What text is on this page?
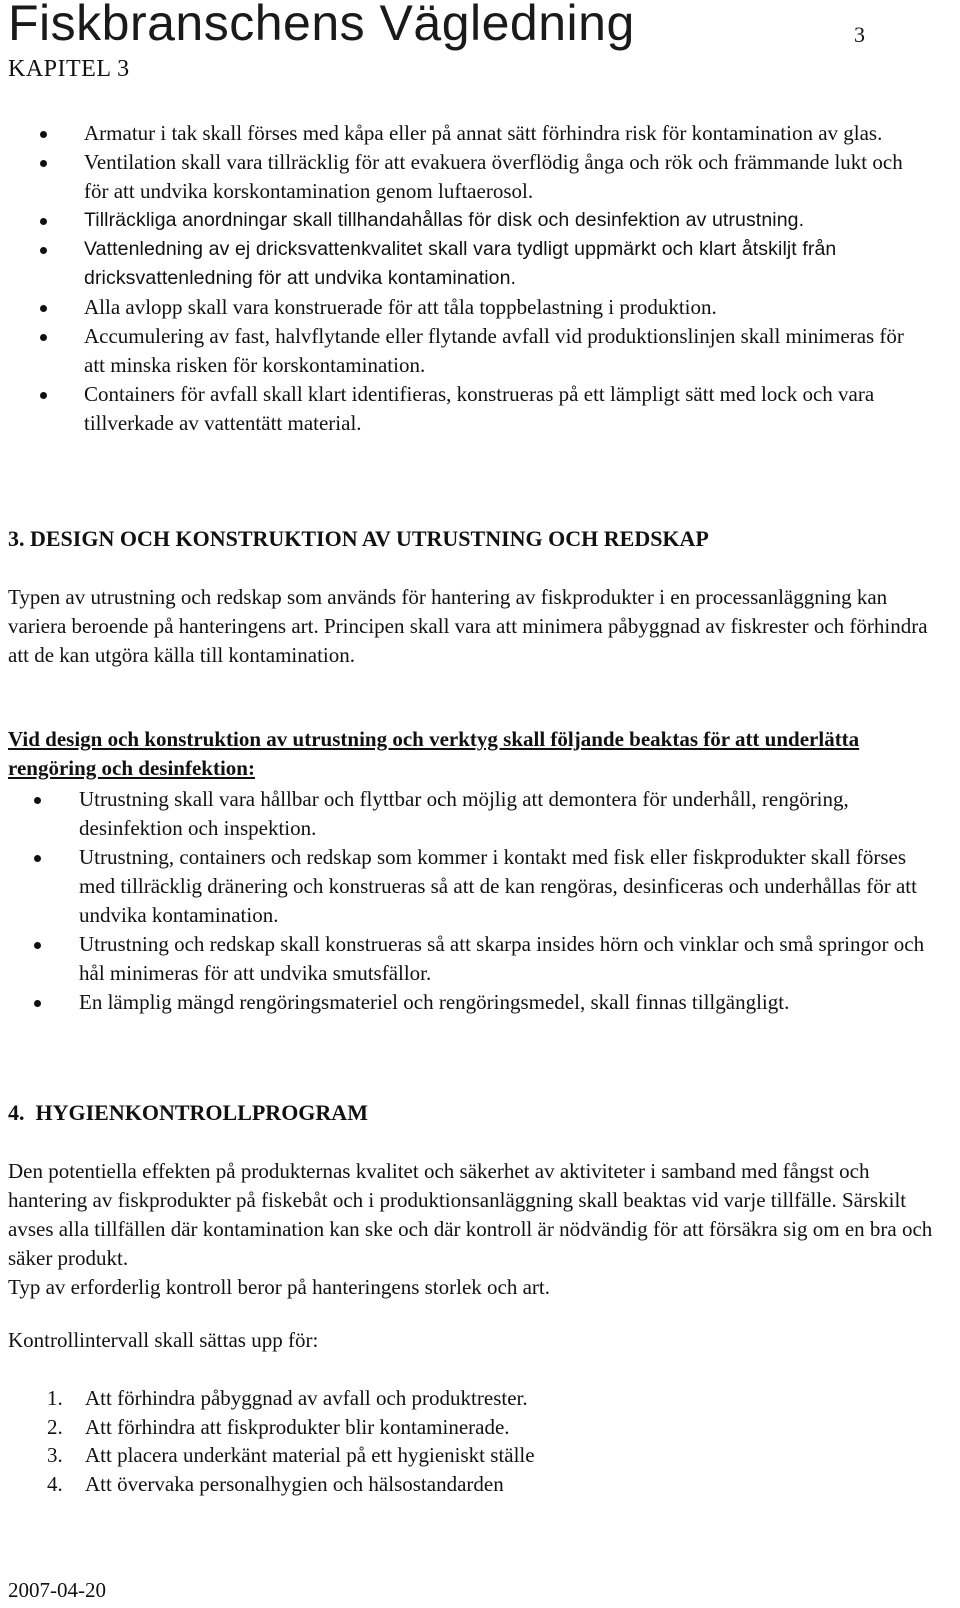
Fiskbranschens Vägledning	3
KAPITEL 3
Armatur i tak skall förses med kåpa eller på annat sätt förhindra risk för kontamination av glas.
Ventilation skall vara tillräcklig för att evakuera överflödig ånga och rök och främmande lukt och för att undvika korskontamination genom luftaerosol.
Tillräckliga anordningar skall tillhandahållas för disk och desinfektion av utrustning.
Vattenledning av ej dricksvattenkvalitet skall vara tydligt uppmärkt och klart åtskiljt från dricksvattenledning för att undvika kontamination.
Alla avlopp skall vara konstruerade för att tåla toppbelastning i produktion.
Accumulering av fast, halvflytande eller flytande avfall vid produktionslinjen skall minimeras för att minska risken för korskontamination.
Containers för avfall skall klart identifieras, konstrueras på ett lämpligt sätt med lock och vara tillverkade av vattentätt material.
3. DESIGN OCH KONSTRUKTION AV UTRUSTNING OCH REDSKAP
Typen av utrustning och redskap som används för hantering av fiskprodukter i en processanläggning kan variera beroende på hanteringens art. Principen skall vara att minimera påbyggnad av fiskrester och förhindra att de kan utgöra källa till kontamination.
Vid design och konstruktion av utrustning och verktyg skall följande beaktas för att underlätta rengöring och desinfektion:
Utrustning skall vara hållbar och flyttbar och möjlig att demontera för underhåll, rengöring, desinfektion och inspektion.
Utrustning, containers och redskap som kommer i kontakt med fisk eller fiskprodukter skall förses med tillräcklig dränering och konstrueras så att de kan rengöras, desinficeras och underhållas för att undvika kontamination.
Utrustning och redskap skall konstrueras så att skarpa insides hörn och vinklar och små springor och hål minimeras för att undvika smutsfällor.
En lämplig mängd rengöringsmateriel och rengöringsmedel, skall finnas tillgängligt.
4.  HYGIENKONTROLLPROGRAM

Den potentiella effekten på produkternas kvalitet och säkerhet av aktiviteter i samband med fångst och  hantering av fiskprodukter på fiskebåt och i produktionsanläggning skall beaktas vid varje tillfälle. Särskilt avses alla tillfällen där kontamination kan ske och där kontroll är nödvändig för att försäkra sig om en bra och säker produkt.

Typ av erforderlig kontroll beror på hanteringens storlek och art.

Kontrollintervall skall sättas upp för:
1. Att förhindra påbyggnad av avfall och produktrester.
2. Att förhindra att fiskprodukter blir kontaminerade.
3. Att placera underkänt material på ett hygieniskt ställe
4. Att övervaka personalhygien och hälsostandarden
2007-04-20
